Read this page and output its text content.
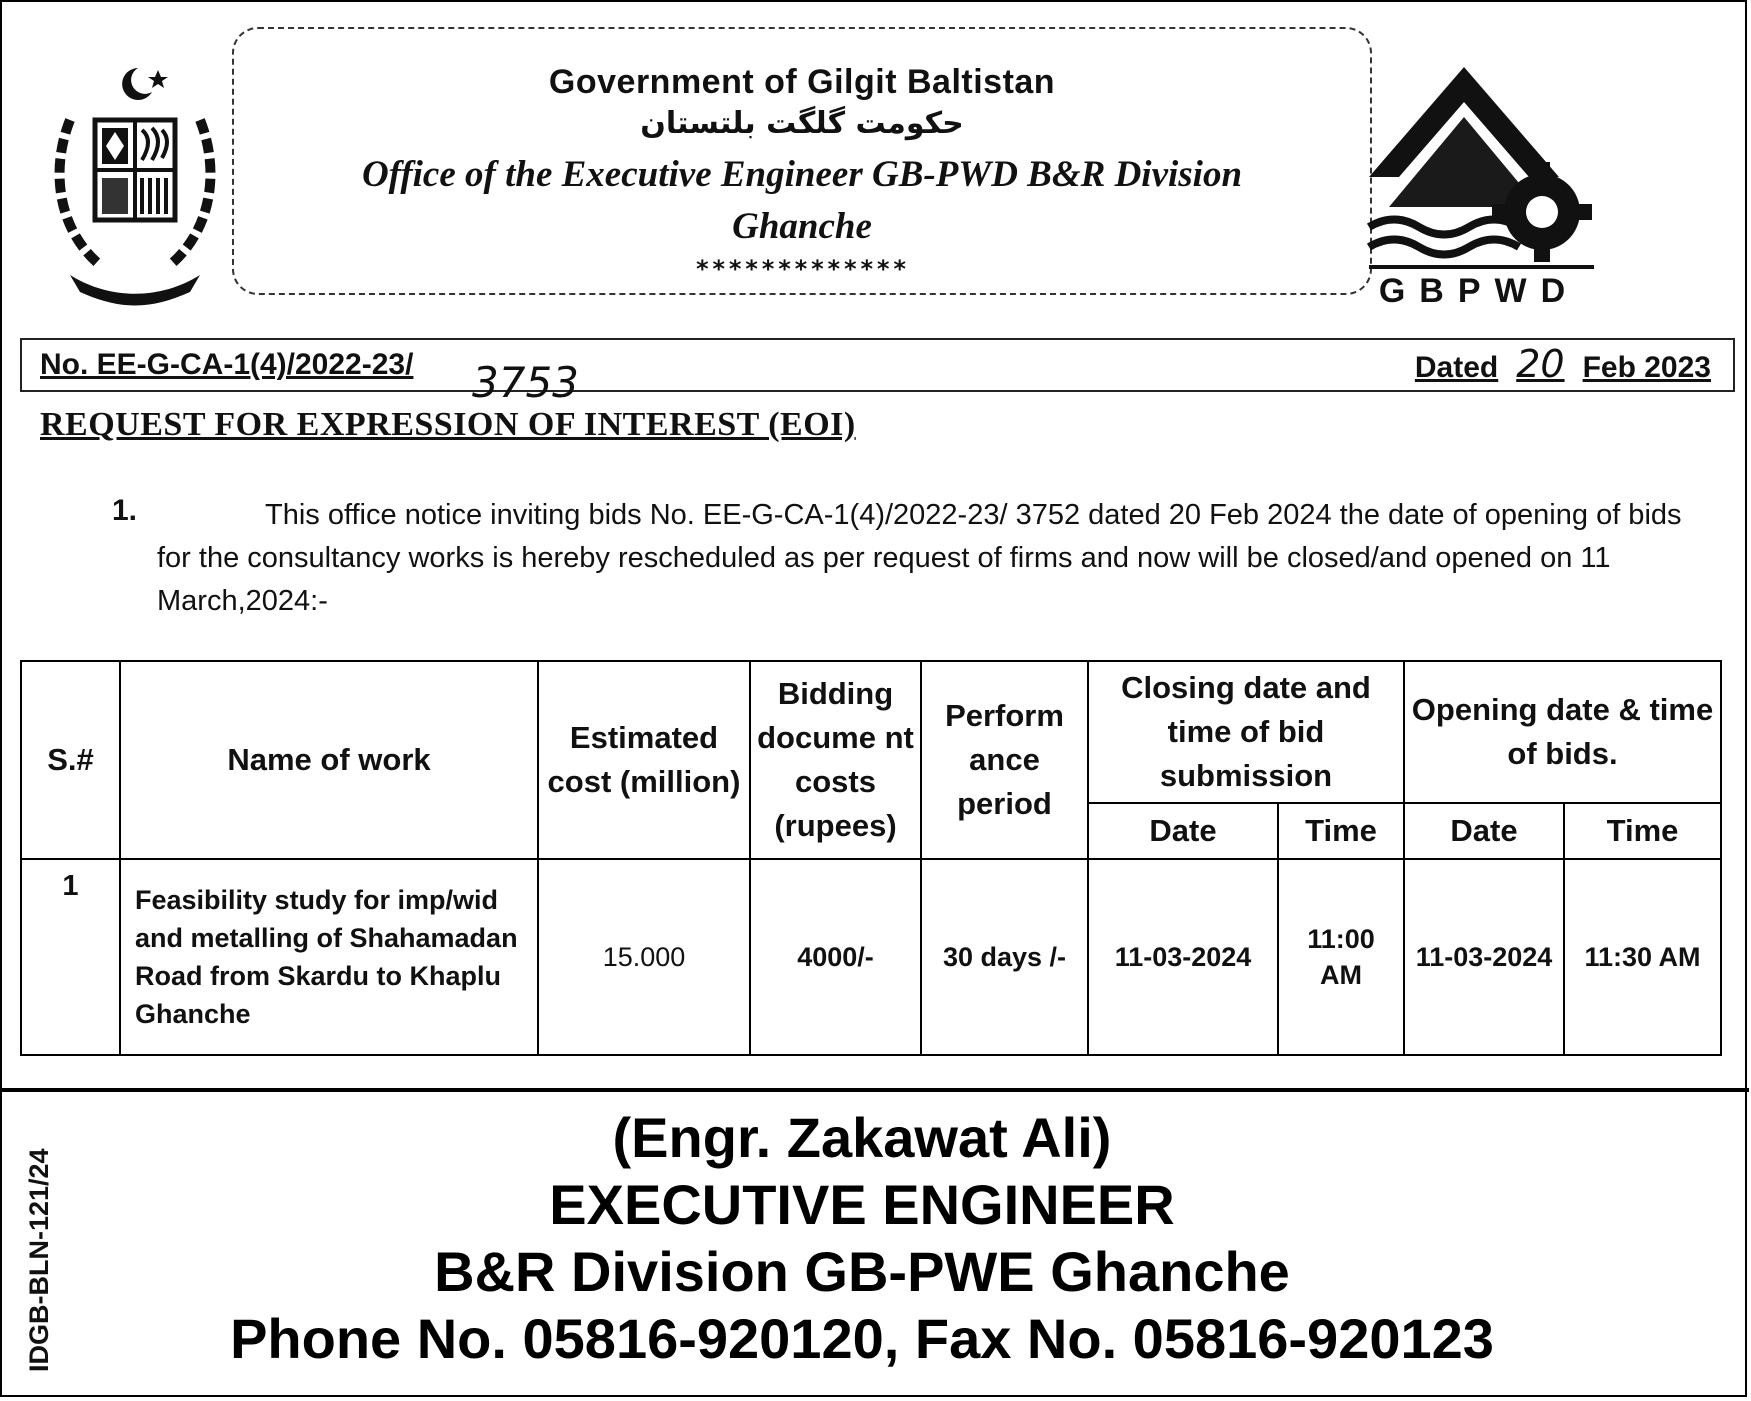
Government of Gilgit Baltistan
حکومت گلگت بلتستان
Office of the Executive Engineer GB-PWD B&R Division
Ghanche
*************
GBPWD
No. EE-G-CA-1(4)/2022-23/ 3753	Dated 20 Feb 2023
REQUEST FOR EXPRESSION OF INTEREST (EOI)
1.	This office notice inviting bids No. EE-G-CA-1(4)/2022-23/ 3752 dated 20 Feb 2024 the date of opening of bids for the consultancy works is hereby rescheduled as per request of firms and now will be closed/and opened on 11 March,2024:-
S.#	Name of work	Estimated cost (million)	Bidding docume nt costs (rupees)	Perform ance period	Closing date and time of bid submission		Opening date & time of bids.	
					Date	Time	Date	Time
1	Feasibility study for imp/wid and metalling of Shahamadan Road from Skardu to Khaplu Ghanche	15.000	4000/-	30 days /-	11-03-2024	11:00 AM	11-03-2024	11:30 AM
IDGB-BLN-121/24
(Engr. Zakawat Ali)
EXECUTIVE ENGINEER
B&R Division GB-PWE Ghanche
Phone No. 05816-920120, Fax No. 05816-920123
